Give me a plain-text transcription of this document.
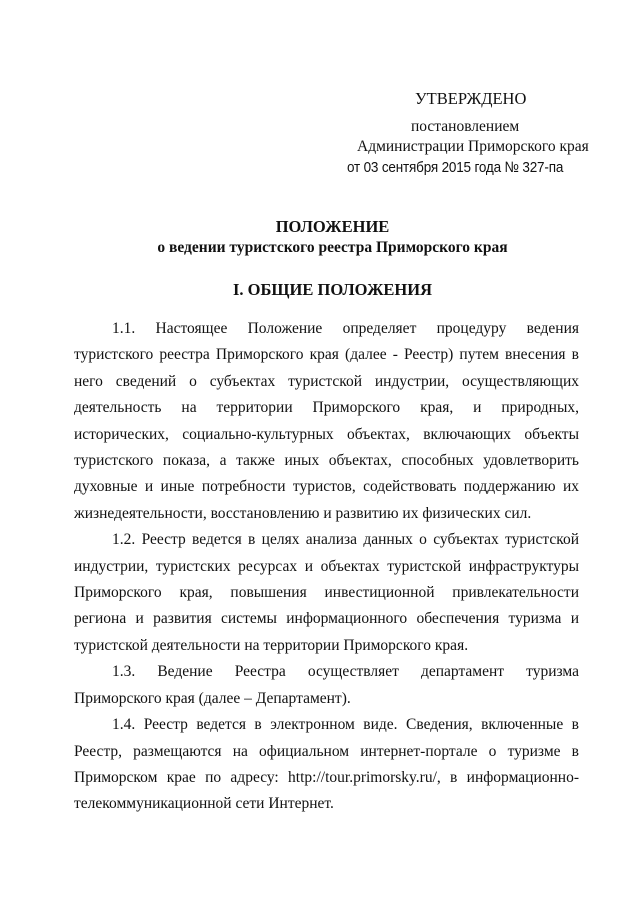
УТВЕРЖДЕНО
постановлением
Администрации Приморского края
от 03 сентября 2015 года № 327-па
ПОЛОЖЕНИЕ
о ведении туристского реестра Приморского края
I. ОБЩИЕ ПОЛОЖЕНИЯ

1.1. Настоящее Положение определяет процедуру ведения туристского реестра Приморского края (далее - Реестр) путем внесения в него сведений о субъектах туристской индустрии, осуществляющих деятельность на территории Приморского края, и природных, исторических, социально-культурных объектах, включающих объекты туристского показа, а также иных объектах, способных удовлетворить духовные и иные потребности туристов, содействовать поддержанию их жизнедеятельности, восстановлению и развитию их физических сил.

1.2. Реестр ведется в целях анализа данных о субъектах туристской индустрии, туристских ресурсах и объектах туристской инфраструктуры Приморского края, повышения инвестиционной привлекательности региона и развития системы информационного обеспечения туризма и туристской деятельности на территории Приморского края.

1.3. Ведение Реестра осуществляет департамент туризма Приморского края (далее – Департамент).

1.4. Реестр ведется в электронном виде. Сведения, включенные в Реестр, размещаются на официальном интернет-портале о туризме в Приморском крае по адресу: http://tour.primorsky.ru/, в информационно-телекоммуникационной сети Интернет.
